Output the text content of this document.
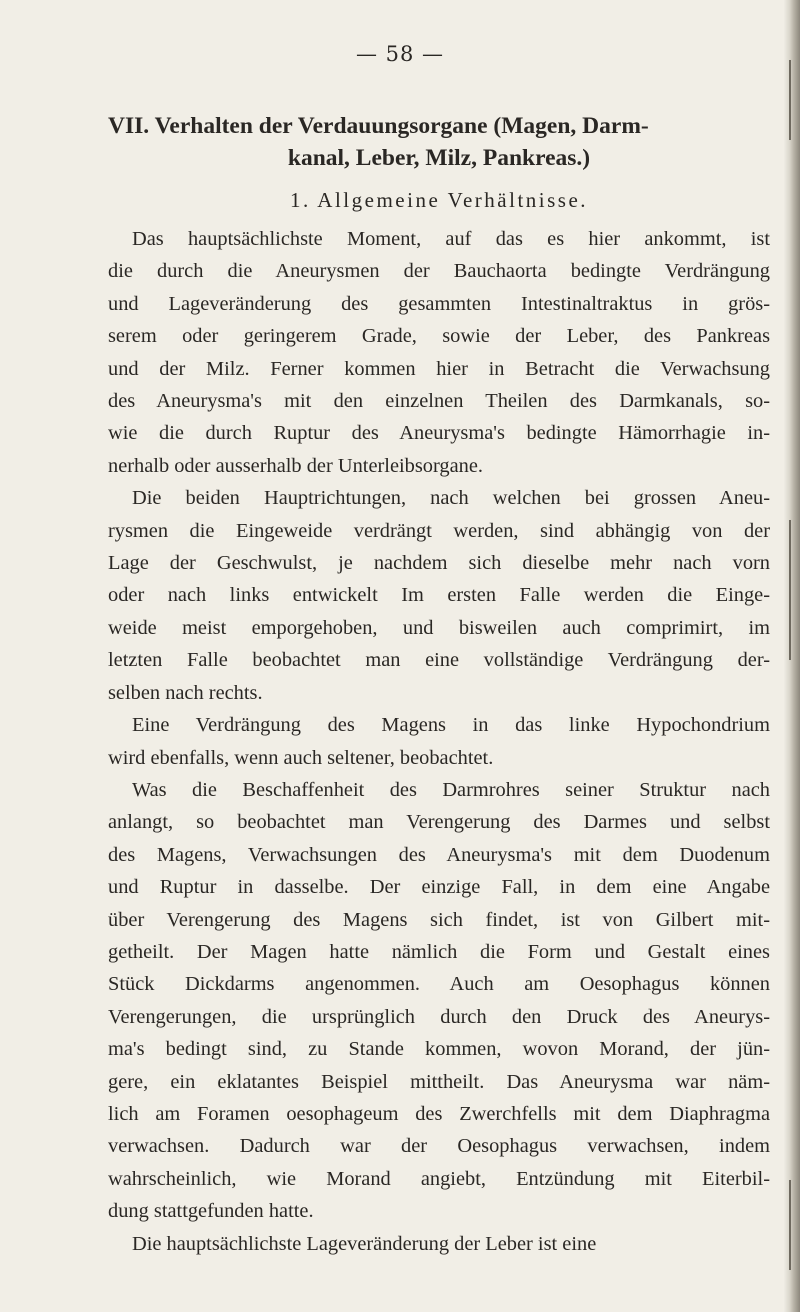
— 58 —
VII. Verhalten der Verdauungsorgane (Magen, Darm-
kanal, Leber, Milz, Pankreas.)
1. Allgemeine Verhältnisse.

Das hauptsächlichste Moment, auf das es hier ankommt, ist
die durch die Aneurysmen der Bauchaorta bedingte Verdrängung
und Lageveränderung des gesammten Intestinaltraktus in grös-
serem oder geringerem Grade, sowie der Leber, des Pankreas
und der Milz. Ferner kommen hier in Betracht die Verwachsung
des Aneurysma's mit den einzelnen Theilen des Darmkanals, so-
wie die durch Ruptur des Aneurysma's bedingte Hämorrhagie in-
nerhalb oder ausserhalb der Unterleibsorgane.

Die beiden Hauptrichtungen, nach welchen bei grossen Aneu-
rysmen die Eingeweide verdrängt werden, sind abhängig von der
Lage der Geschwulst, je nachdem sich dieselbe mehr nach vorn
oder nach links entwickelt Im ersten Falle werden die Einge-
weide meist emporgehoben, und bisweilen auch comprimirt, im
letzten Falle beobachtet man eine vollständige Verdrängung der-
selben nach rechts.

Eine Verdrängung des Magens in das linke Hypochondrium
wird ebenfalls, wenn auch seltener, beobachtet.

Was die Beschaffenheit des Darmrohres seiner Struktur nach
anlangt, so beobachtet man Verengerung des Darmes und selbst
des Magens, Verwachsungen des Aneurysma's mit dem Duodenum
und Ruptur in dasselbe. Der einzige Fall, in dem eine Angabe
über Verengerung des Magens sich findet, ist von Gilbert mit-
getheilt. Der Magen hatte nämlich die Form und Gestalt eines
Stück Dickdarms angenommen. Auch am Oesophagus können
Verengerungen, die ursprünglich durch den Druck des Aneurys-
ma's bedingt sind, zu Stande kommen, wovon Morand, der jün-
gere, ein eklatantes Beispiel mittheilt. Das Aneurysma war näm-
lich am Foramen oesophageum des Zwerchfells mit dem Diaphragma
verwachsen. Dadurch war der Oesophagus verwachsen, indem
wahrscheinlich, wie Morand angiebt, Entzündung mit Eiterbil-
dung stattgefunden hatte.

Die hauptsächlichste Lageveränderung der Leber ist eine
